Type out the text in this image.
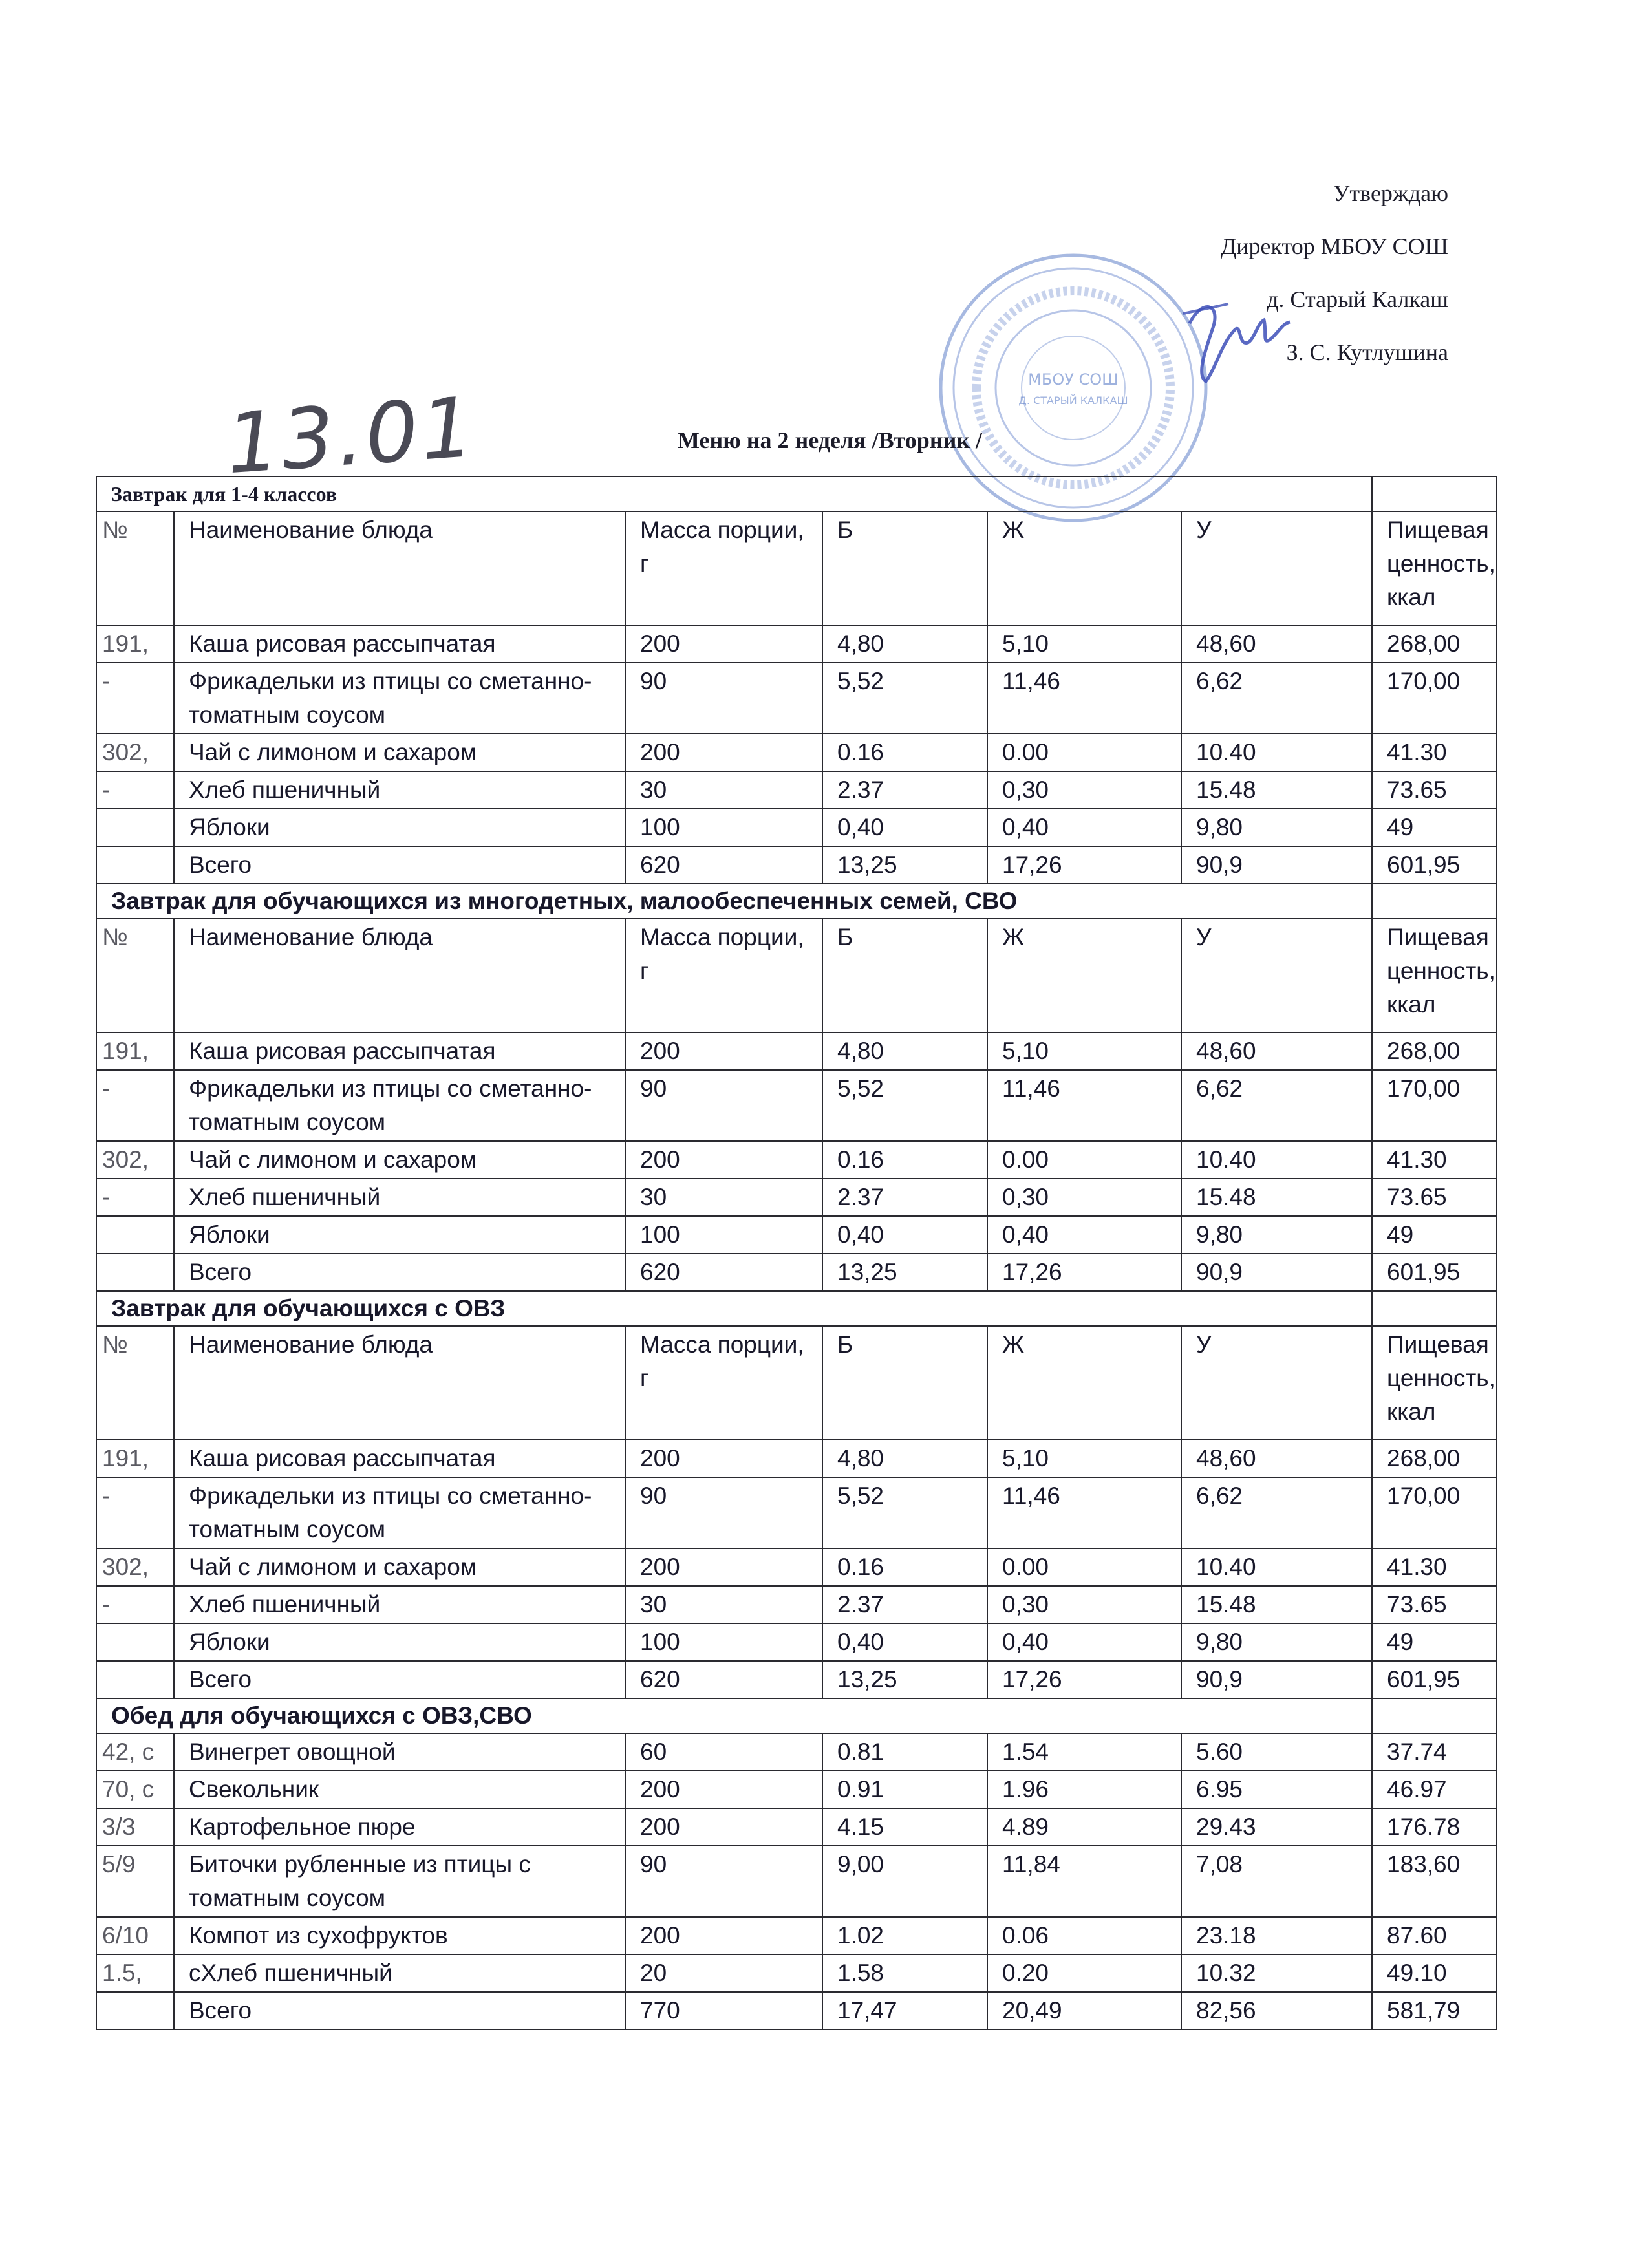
Утверждаю
Директор МБОУ СОШ
д. Старый Калкаш
З. С. Кутлушина
МБОУ СОШ
Д. СТАРЫЙ КАЛКАШ
13.01	Меню на 2 неделя /Вторник /
Завтрак для 1-4 классов						
№	Наименование блюда	Масса порции, г	Б	Ж	У	Пищевая ценность, ккал
191,	Каша рисовая рассыпчатая	200	4,80	5,10	48,60	268,00
-	Фрикадельки из птицы со сметанно-томатным соусом	90	5,52	11,46	6,62	170,00
302,	Чай с лимоном и сахаром	200	0.16	0.00	10.40	41.30
-	Хлеб пшеничный	30	2.37	0,30	15.48	73.65
	Яблоки	100	0,40	0,40	9,80	49
	Всего	620	13,25	17,26	90,9	601,95
Завтрак для обучающихся из многодетных, малообеспеченных семей, СВО						
№	Наименование блюда	Масса порции, г	Б	Ж	У	Пищевая ценность, ккал
191,	Каша рисовая рассыпчатая	200	4,80	5,10	48,60	268,00
-	Фрикадельки из птицы со сметанно-томатным соусом	90	5,52	11,46	6,62	170,00
302,	Чай с лимоном и сахаром	200	0.16	0.00	10.40	41.30
-	Хлеб пшеничный	30	2.37	0,30	15.48	73.65
	Яблоки	100	0,40	0,40	9,80	49
	Всего	620	13,25	17,26	90,9	601,95
Завтрак для обучающихся с ОВЗ						
№	Наименование блюда	Масса порции, г	Б	Ж	У	Пищевая ценность, ккал
191,	Каша рисовая рассыпчатая	200	4,80	5,10	48,60	268,00
-	Фрикадельки из птицы со сметанно-томатным соусом	90	5,52	11,46	6,62	170,00
302,	Чай с лимоном и сахаром	200	0.16	0.00	10.40	41.30
-	Хлеб пшеничный	30	2.37	0,30	15.48	73.65
	Яблоки	100	0,40	0,40	9,80	49
	Всего	620	13,25	17,26	90,9	601,95
Обед для обучающихся с ОВЗ,СВО						
42, с	Винегрет овощной	60	0.81	1.54	5.60	37.74
70, с	Свекольник	200	0.91	1.96	6.95	46.97
3/3	Картофельное пюре	200	4.15	4.89	29.43	176.78
5/9	Биточки рубленные из птицы с томатным соусом	90	9,00	11,84	7,08	183,60
6/10	Компот из сухофруктов	200	1.02	0.06	23.18	87.60
1.5,	сХлеб пшеничный	20	1.58	0.20	10.32	49.10
	Всего	770	17,47	20,49	82,56	581,79
